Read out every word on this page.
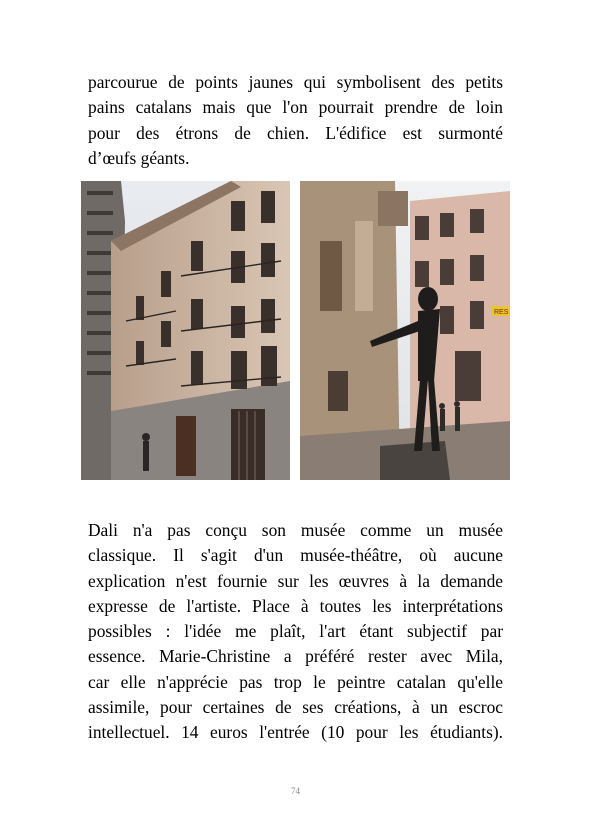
parcourue de points jaunes qui symbolisent des petits
pains catalans mais que l'on pourrait prendre de loin
pour des étrons de chien. L'édifice est surmonté
d’œufs géants.
RES
Dali n'a pas conçu son musée comme un musée
classique. Il s'agit d'un musée-théâtre, où aucune
explication n'est fournie sur les œuvres à la demande
expresse de l'artiste. Place à toutes les interprétations
possibles : l'idée me plaît, l'art étant subjectif par
essence. Marie-Christine a préféré rester avec Mila,
car elle n'apprécie pas trop le peintre catalan qu'elle
assimile, pour certaines de ses créations, à un escroc
intellectuel. 14 euros l'entrée (10 pour les étudiants).
74
